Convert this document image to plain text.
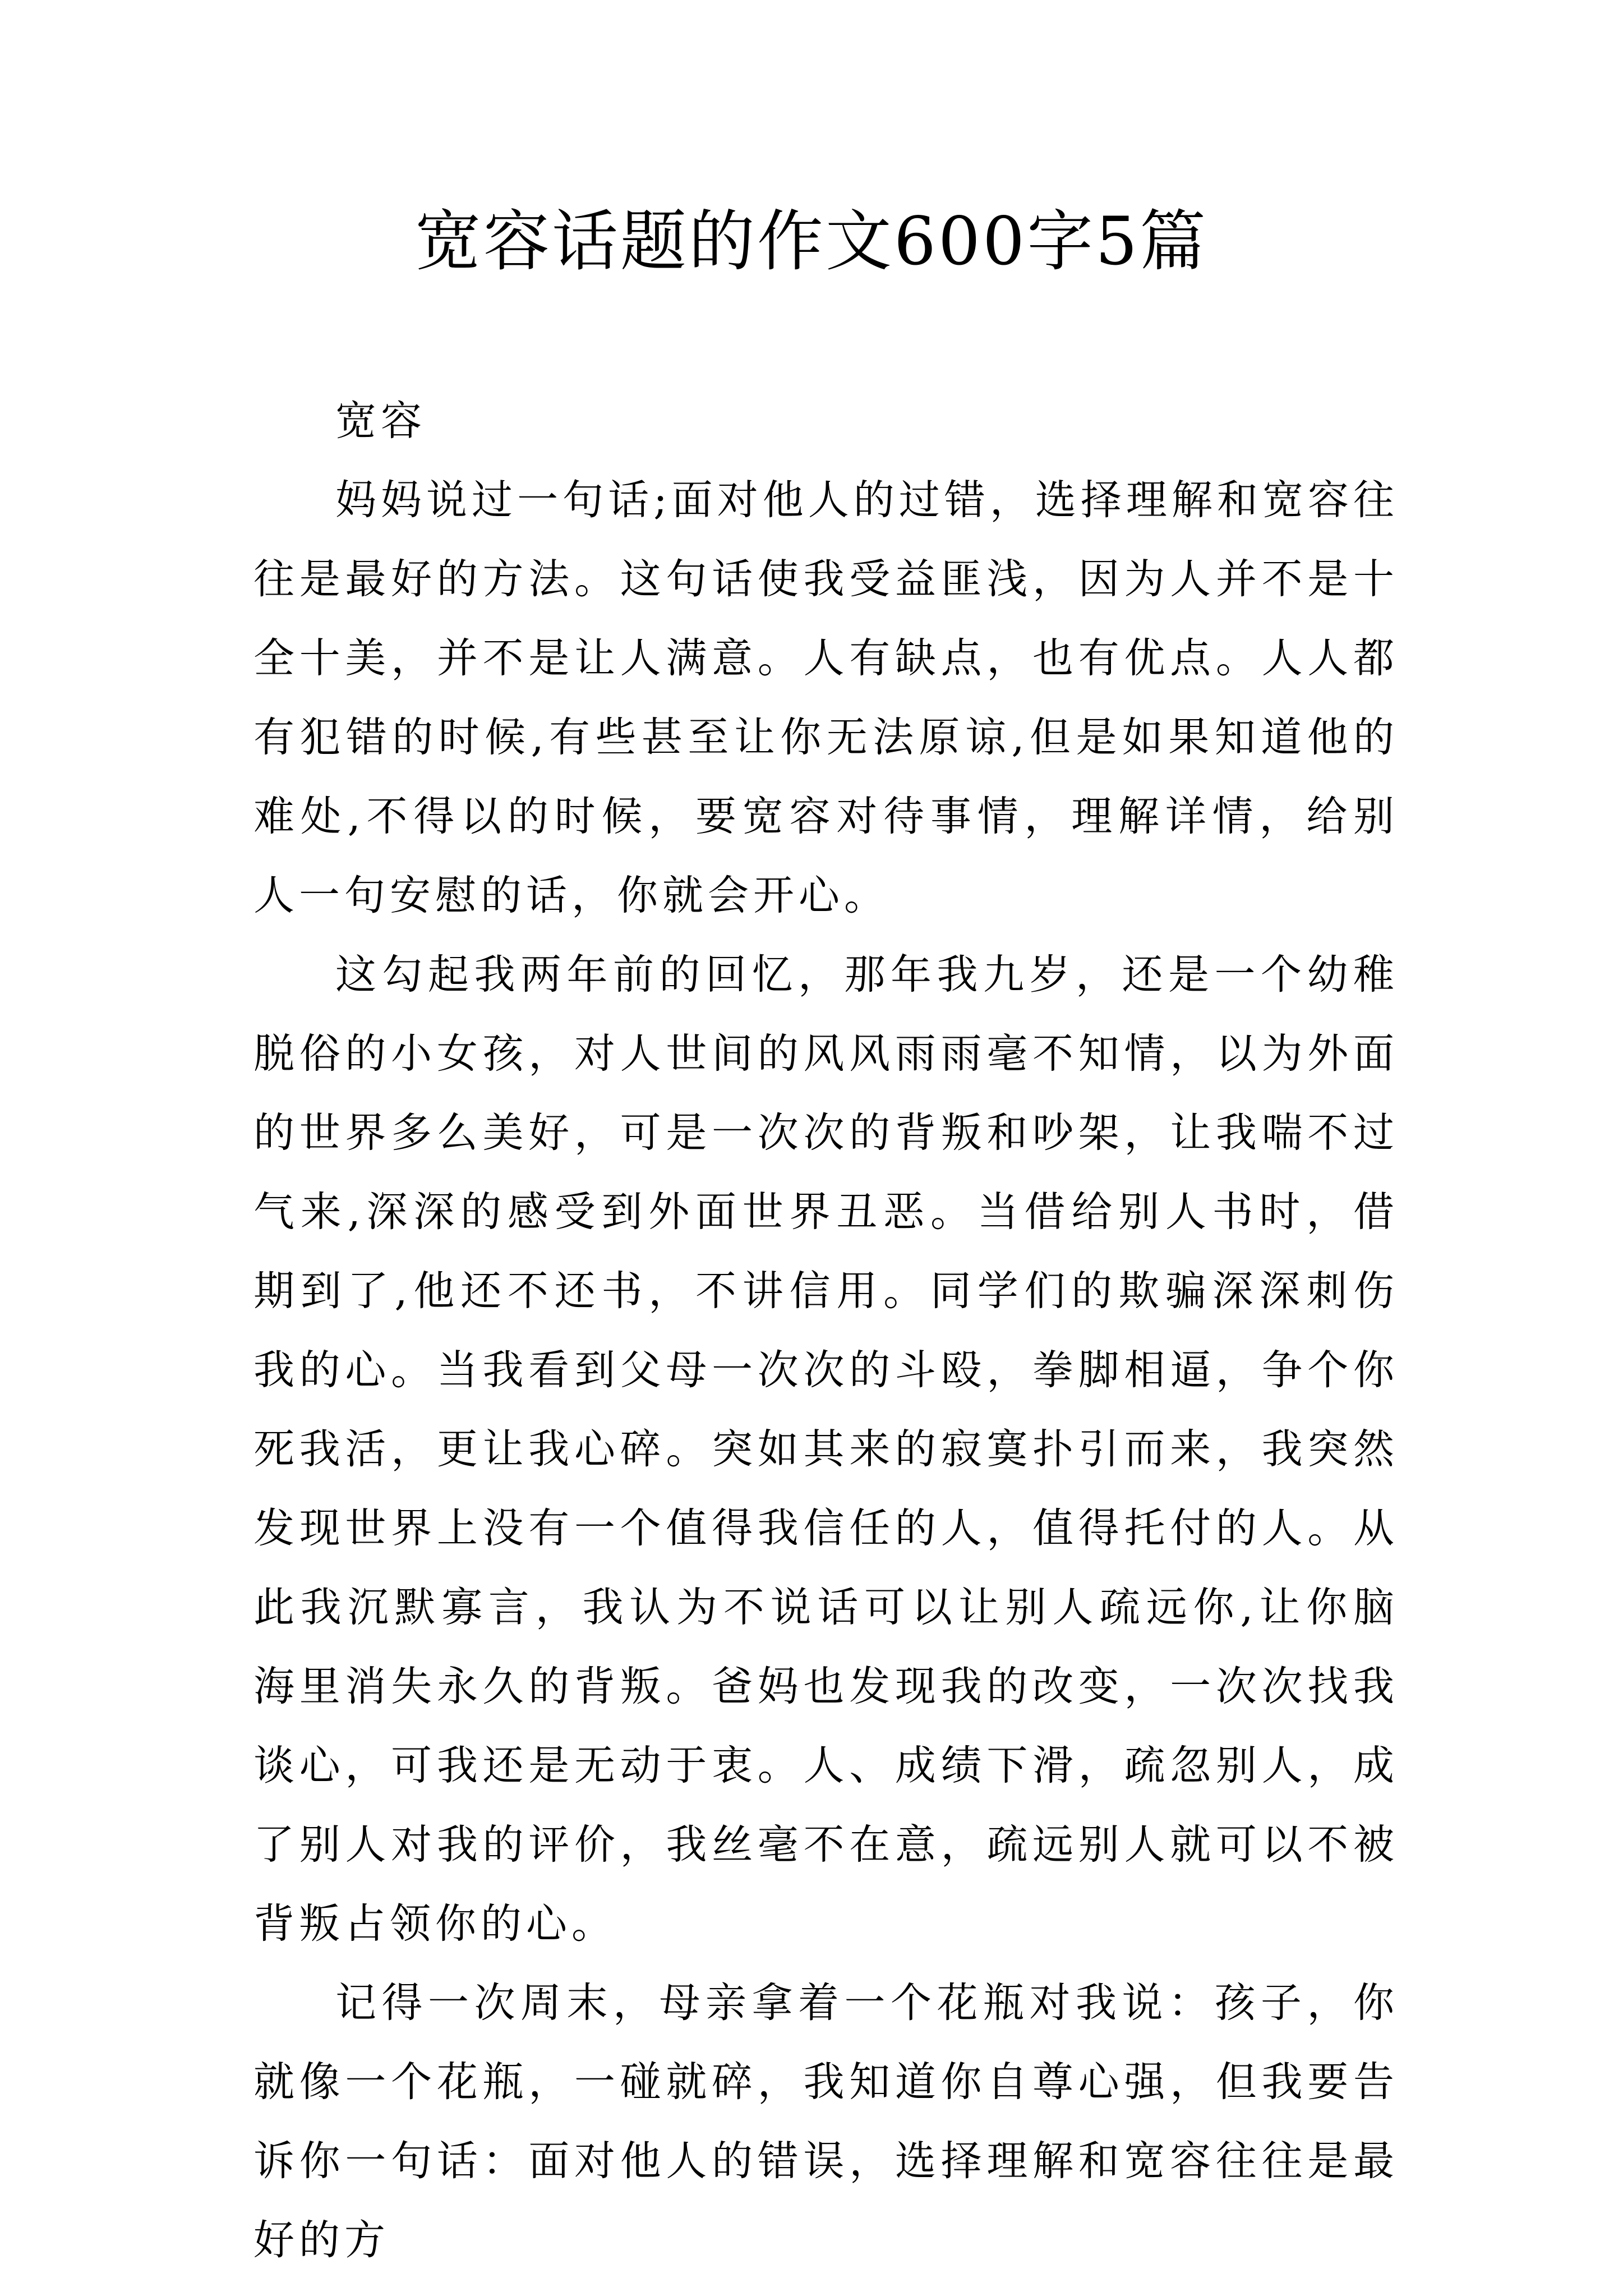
宽容话题的作文600字5篇

宽容

妈妈说过一句话;面对他人的过错，选择理解和宽容往往是最好的方法。这句话使我受益匪浅，因为人并不是十全十美，并不是让人满意。人有缺点，也有优点。人人都有犯错的时候,有些甚至让你无法原谅,但是如果知道他的难处,不得以的时候，要宽容对待事情，理解详情，给别人一句安慰的话，你就会开心。

这勾起我两年前的回忆，那年我九岁，还是一个幼稚脱俗的小女孩，对人世间的风风雨雨毫不知情，以为外面的世界多么美好，可是一次次的背叛和吵架，让我喘不过气来,深深的感受到外面世界丑恶。当借给别人书时，借期到了,他还不还书，不讲信用。同学们的欺骗深深刺伤我的心。当我看到父母一次次的斗殴，拳脚相逼，争个你死我活，更让我心碎。突如其来的寂寞扑引而来，我突然发现世界上没有一个值得我信任的人，值得托付的人。从此我沉默寡言，我认为不说话可以让别人疏远你,让你脑海里消失永久的背叛。爸妈也发现我的改变，一次次找我谈心，可我还是无动于衷。人、成绩下滑，疏忽别人，成了别人对我的评价，我丝毫不在意，疏远别人就可以不被背叛占领你的心。

记得一次周末，母亲拿着一个花瓶对我说：孩子，你就像一个花瓶，一碰就碎，我知道你自尊心强，但我要告诉你一句话：面对他人的错误，选择理解和宽容往往是最好的方
